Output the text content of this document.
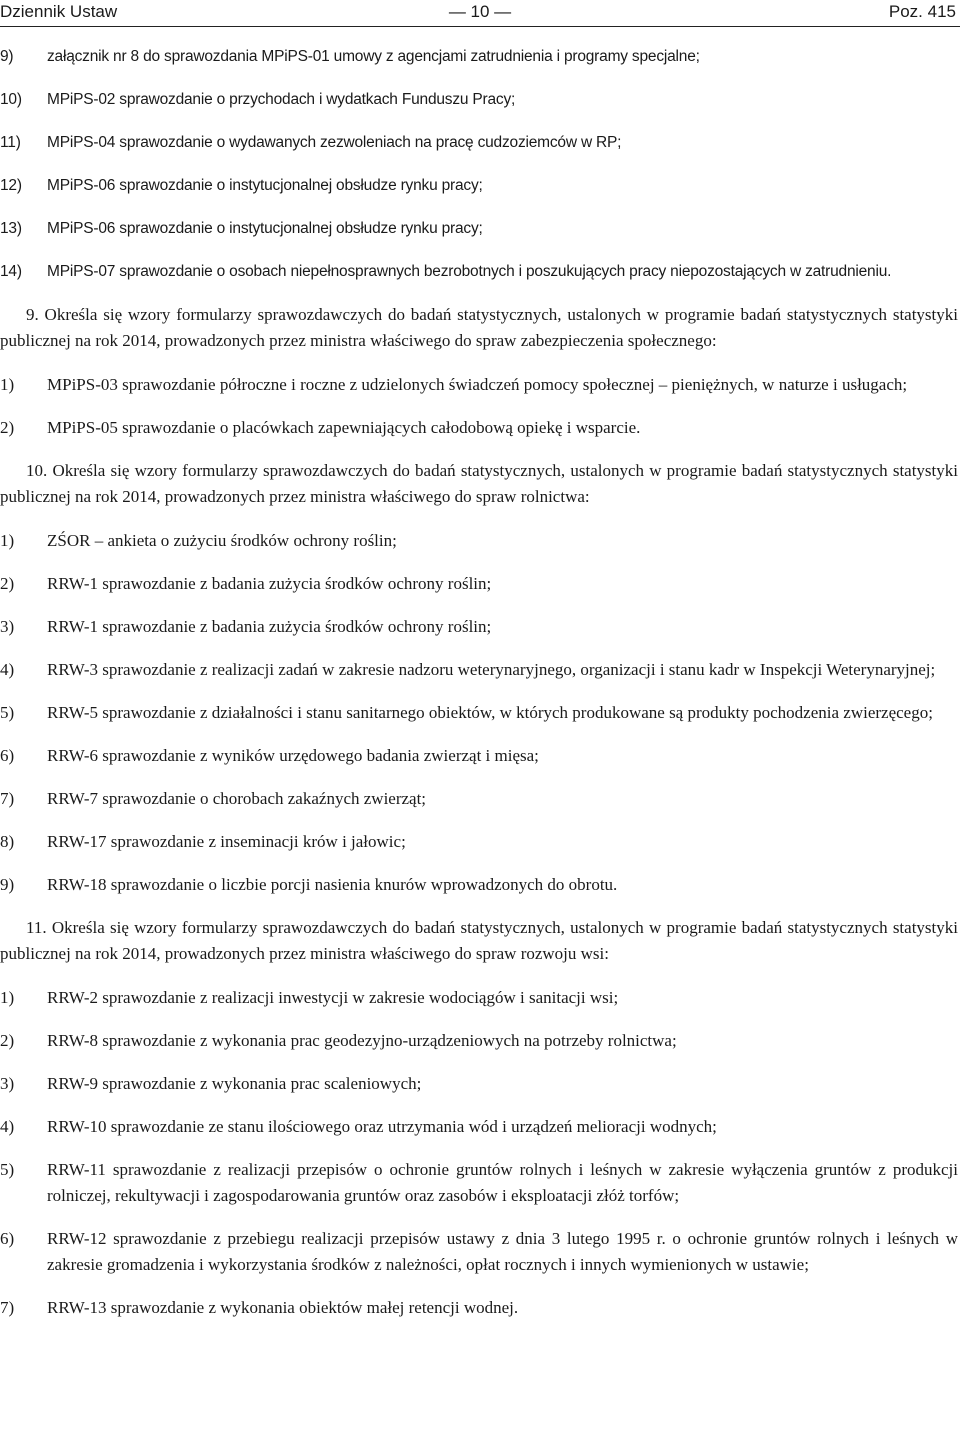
Dziennik Ustaw	— 10 —	Poz. 415
9) załącznik nr 8 do sprawozdania MPiPS-01 umowy z agencjami zatrudnienia i programy specjalne;
10) MPiPS-02 sprawozdanie o przychodach i wydatkach Funduszu Pracy;
11) MPiPS-04 sprawozdanie o wydawanych zezwoleniach na pracę cudzoziemców w RP;
12) MPiPS-06 sprawozdanie o instytucjonalnej obsłudze rynku pracy;
13) MPiPS-06 sprawozdanie o instytucjonalnej obsłudze rynku pracy;
14) MPiPS-07 sprawozdanie o osobach niepełnosprawnych bezrobotnych i poszukujących pracy niepozostających w zatrudnieniu.
9. Określa się wzory formularzy sprawozdawczych do badań statystycznych, ustalonych w programie badań statystycznych statystyki publicznej na rok 2014, prowadzonych przez ministra właściwego do spraw zabezpieczenia społecznego:
1) MPiPS-03 sprawozdanie półroczne i roczne z udzielonych świadczeń pomocy społecznej – pieniężnych, w naturze i usługach;
2) MPiPS-05 sprawozdanie o placówkach zapewniających całodobową opiekę i wsparcie.
10. Określa się wzory formularzy sprawozdawczych do badań statystycznych, ustalonych w programie badań statystycznych statystyki publicznej na rok 2014, prowadzonych przez ministra właściwego do spraw rolnictwa:
1) ZŚOR – ankieta o zużyciu środków ochrony roślin;
2) RRW-1 sprawozdanie z badania zużycia środków ochrony roślin;
3) RRW-1 sprawozdanie z badania zużycia środków ochrony roślin;
4) RRW-3 sprawozdanie z realizacji zadań w zakresie nadzoru weterynaryjnego, organizacji i stanu kadr w Inspekcji Weterynaryjnej;
5) RRW-5 sprawozdanie z działalności i stanu sanitarnego obiektów, w których produkowane są produkty pochodzenia zwierzęcego;
6) RRW-6 sprawozdanie z wyników urzędowego badania zwierząt i mięsa;
7) RRW-7 sprawozdanie o chorobach zakaźnych zwierząt;
8) RRW-17 sprawozdanie z inseminacji krów i jałowic;
9) RRW-18 sprawozdanie o liczbie porcji nasienia knurów wprowadzonych do obrotu.
11. Określa się wzory formularzy sprawozdawczych do badań statystycznych, ustalonych w programie badań statystycznych statystyki publicznej na rok 2014, prowadzonych przez ministra właściwego do spraw rozwoju wsi:
1) RRW-2 sprawozdanie z realizacji inwestycji w zakresie wodociągów i sanitacji wsi;
2) RRW-8 sprawozdanie z wykonania prac geodezyjno-urządzeniowych na potrzeby rolnictwa;
3) RRW-9 sprawozdanie z wykonania prac scaleniowych;
4) RRW-10 sprawozdanie ze stanu ilościowego oraz utrzymania wód i urządzeń melioracji wodnych;
5) RRW-11 sprawozdanie z realizacji przepisów o ochronie gruntów rolnych i leśnych w zakresie wyłączenia gruntów z produkcji rolniczej, rekultywacji i zagospodarowania gruntów oraz zasobów i eksploatacji złóż torfów;
6) RRW-12 sprawozdanie z przebiegu realizacji przepisów ustawy z dnia 3 lutego 1995 r. o ochronie gruntów rolnych i leśnych w zakresie gromadzenia i wykorzystania środków z należności, opłat rocznych i innych wymienionych w ustawie;
7) RRW-13 sprawozdanie z wykonania obiektów małej retencji wodnej.
